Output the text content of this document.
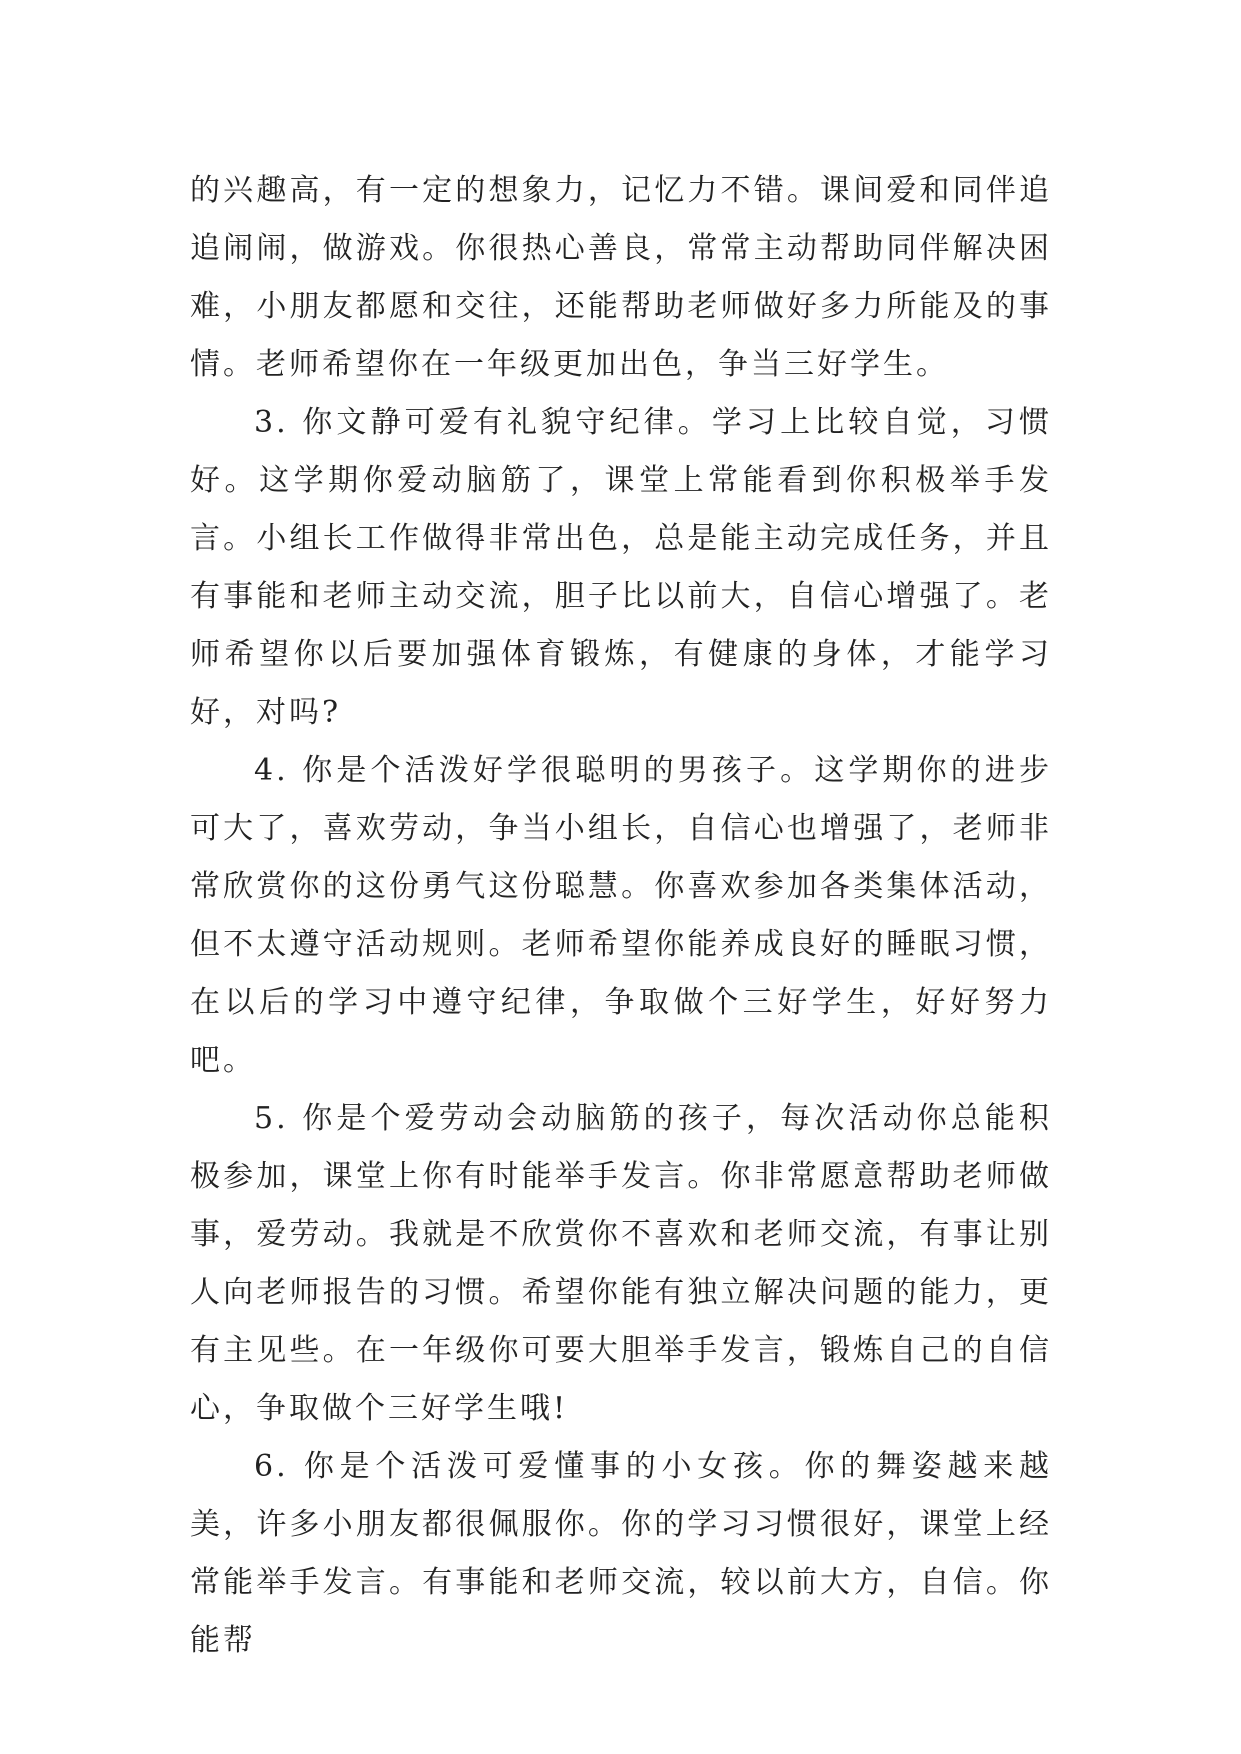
的兴趣高，有一定的想象力，记忆力不错。课间爱和同伴追追闹闹，做游戏。你很热心善良，常常主动帮助同伴解决困难，小朋友都愿和交往，还能帮助老师做好多力所能及的事情。老师希望你在一年级更加出色，争当三好学生。

3. 你文静可爱有礼貌守纪律。学习上比较自觉，习惯好。这学期你爱动脑筋了，课堂上常能看到你积极举手发言。小组长工作做得非常出色，总是能主动完成任务，并且有事能和老师主动交流，胆子比以前大，自信心增强了。老师希望你以后要加强体育锻炼，有健康的身体，才能学习好，对吗?

4. 你是个活泼好学很聪明的男孩子。这学期你的进步可大了，喜欢劳动，争当小组长，自信心也增强了，老师非常欣赏你的这份勇气这份聪慧。你喜欢参加各类集体活动，但不太遵守活动规则。老师希望你能养成良好的睡眠习惯，在以后的学习中遵守纪律，争取做个三好学生，好好努力吧。

5. 你是个爱劳动会动脑筋的孩子，每次活动你总能积极参加，课堂上你有时能举手发言。你非常愿意帮助老师做事，爱劳动。我就是不欣赏你不喜欢和老师交流，有事让别人向老师报告的习惯。希望你能有独立解决问题的能力，更有主见些。在一年级你可要大胆举手发言，锻炼自己的自信心，争取做个三好学生哦!

6. 你是个活泼可爱懂事的小女孩。你的舞姿越来越美，许多小朋友都很佩服你。你的学习习惯很好，课堂上经常能举手发言。有事能和老师交流，较以前大方，自信。你能帮
